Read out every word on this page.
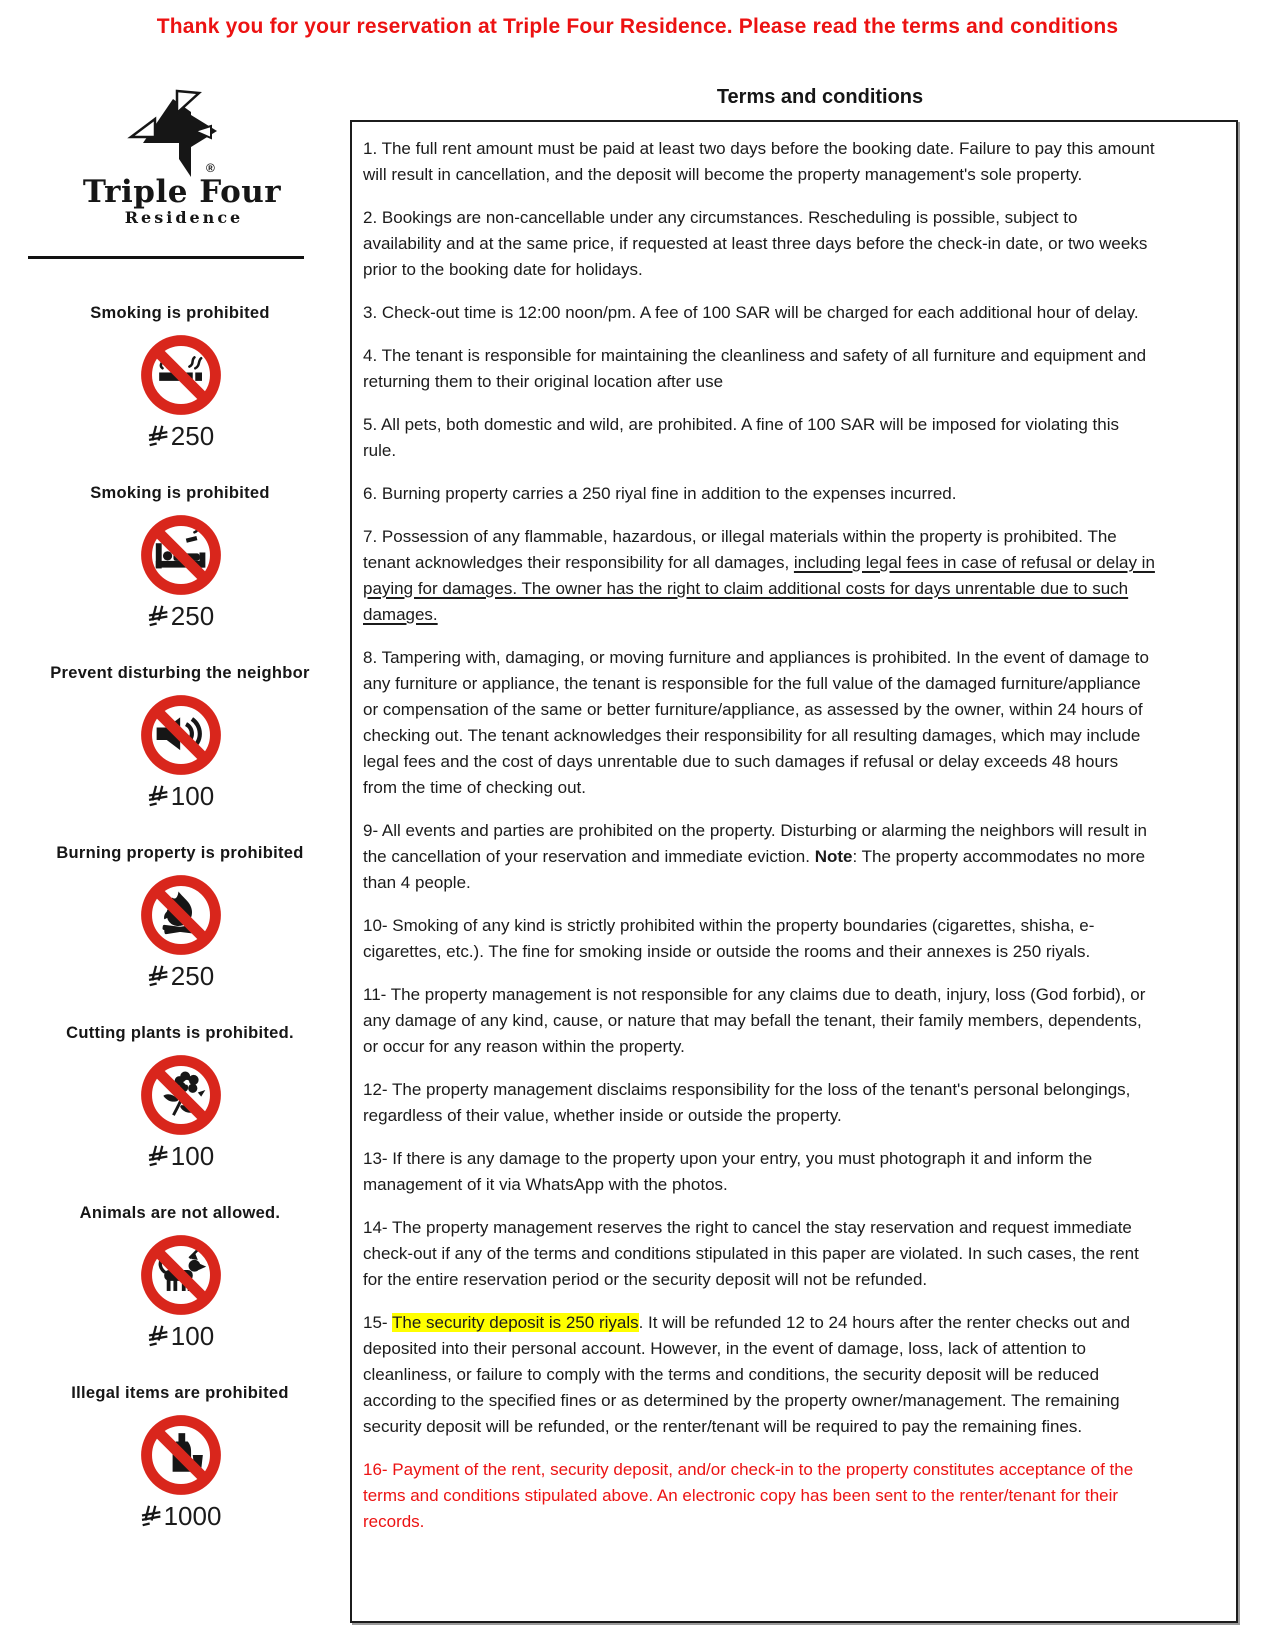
Thank you for your reservation at Triple Four Residence. Please read the terms and conditions
®
Triple Four
Residence
Smoking is prohibited
250
Smoking is prohibited
250
Prevent disturbing the neighbor
100
Burning property is prohibited
250
Cutting plants is prohibited.
100
Animals are not allowed.
100
Illegal items are prohibited
1000
Terms and conditions

1. The full rent amount must be paid at least two days before the booking date. Failure to pay this amount will result in cancellation, and the deposit will become the property management's sole property.

2. Bookings are non-cancellable under any circumstances. Rescheduling is possible, subject to availability and at the same price, if requested at least three days before the check-in date, or two weeks prior to the booking date for holidays.

3. Check-out time is 12:00 noon/pm. A fee of 100 SAR will be charged for each additional hour of delay.

4. The tenant is responsible for maintaining the cleanliness and safety of all furniture and equipment and returning them to their original location after use

5. All pets, both domestic and wild, are prohibited. A fine of 100 SAR will be imposed for violating this rule.

6. Burning property carries a 250 riyal fine in addition to the expenses incurred.

7. Possession of any flammable, hazardous, or illegal materials within the property is prohibited. The tenant acknowledges their responsibility for all damages, including legal fees in case of refusal or delay in paying for damages. The owner has the right to claim additional costs for days unrentable due to such damages.

8. Tampering with, damaging, or moving furniture and appliances is prohibited. In the event of damage to any furniture or appliance, the tenant is responsible for the full value of the damaged furniture/appliance or compensation of the same or better furniture/appliance, as assessed by the owner, within 24 hours of checking out. The tenant acknowledges their responsibility for all resulting damages, which may include legal fees and the cost of days unrentable due to such damages if refusal or delay exceeds 48 hours from the time of checking out.

9- All events and parties are prohibited on the property. Disturbing or alarming the neighbors will result in the cancellation of your reservation and immediate eviction. Note: The property accommodates no more than 4 people.

10- Smoking of any kind is strictly prohibited within the property boundaries (cigarettes, shisha, e-cigarettes, etc.). The fine for smoking inside or outside the rooms and their annexes is 250 riyals.

11- The property management is not responsible for any claims due to death, injury, loss (God forbid), or any damage of any kind, cause, or nature that may befall the tenant, their family members, dependents, or occur for any reason within the property.

12- The property management disclaims responsibility for the loss of the tenant's personal belongings, regardless of their value, whether inside or outside the property.

13- If there is any damage to the property upon your entry, you must photograph it and inform the management of it via WhatsApp with the photos.

14- The property management reserves the right to cancel the stay reservation and request immediate check-out if any of the terms and conditions stipulated in this paper are violated. In such cases, the rent for the entire reservation period or the security deposit will not be refunded.

15- The security deposit is 250 riyals. It will be refunded 12 to 24 hours after the renter checks out and deposited into their personal account. However, in the event of damage, loss, lack of attention to cleanliness, or failure to comply with the terms and conditions, the security deposit will be reduced according to the specified fines or as determined by the property owner/management. The remaining security deposit will be refunded, or the renter/tenant will be required to pay the remaining fines.

16- Payment of the rent, security deposit, and/or check-in to the property constitutes acceptance of the terms and conditions stipulated above. An electronic copy has been sent to the renter/tenant for their records.
